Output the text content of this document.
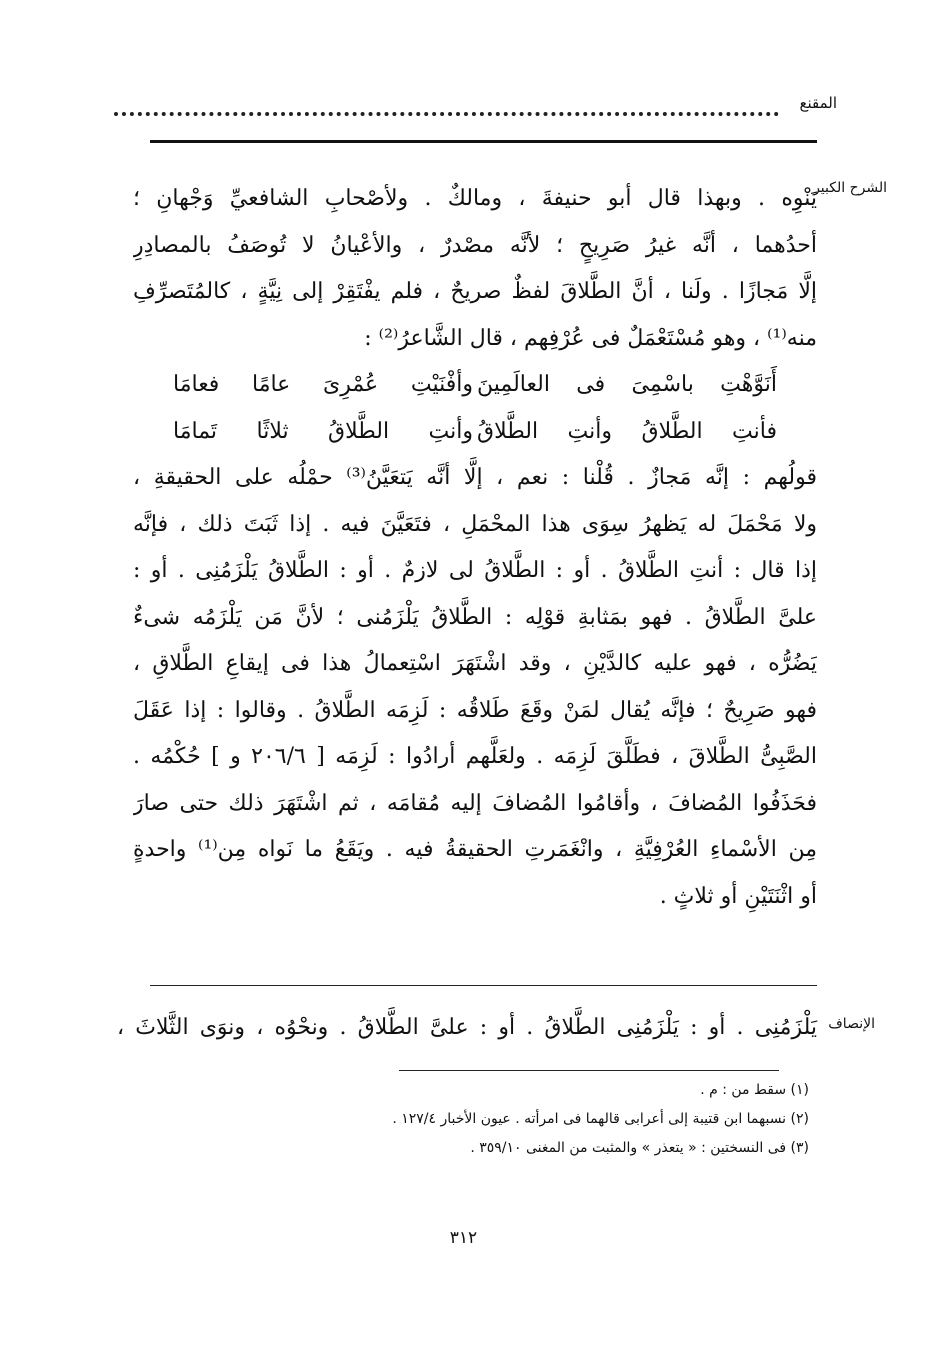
المقنع
الشرح الكبير
يَنْوِه . وبهذا قال أبو حنيفةَ ، ومالكٌ . ولأصْحابِ الشافعيِّ وَجْهانِ ؛
أحدُهما ، أنَّه غيرُ صَرِيحٍ ؛ لأنَّه مصْدرٌ ، والأعْيانُ لا تُوصَفُ بالمصادِرِ
إلَّا مَجازًا . ولَنا ، أنَّ الطَّلاقَ لفظٌ صريحٌ ، فلم يفْتَقِرْ إلى نِيَّةٍ ، كالمُتَصرِّفِ
منه⁽¹⁾ ، وهو مُسْتَعْمَلٌ فى عُرْفِهم ، قال الشَّاعرُ⁽²⁾ :
أَنَوَّهْتِ باسْمِىَ فى العالَمِينَ
وأفْنَيْتِ عُمْرِىَ عامًا فعامَا
فأنتِ الطَّلاقُ وأنتِ الطَّلاقُ
وأنتِ الطَّلاقُ ثلاثًا تَمامَا
قولُهم : إنَّه مَجازٌ . قُلْنا : نعم ، إلَّا أنَّه يَتعَيَّنُ⁽³⁾ حمْلُه على الحقيقةِ ،
ولا مَحْمَلَ له يَظهرُ سِوَى هذا المحْمَلِ ، فتَعَيَّنَ فيه . إذا ثَبَتَ ذلك ، فإنَّه
إذا قال : أنتِ الطَّلاقُ . أو : الطَّلاقُ لى لازمٌ . أو : الطَّلاقُ يَلْزَمُنِى . أو :
علىَّ الطَّلاقُ . فهو بمَثابةِ قوْلِه : الطَّلاقُ يَلْزَمُنى ؛ لأنَّ مَن يَلْزَمُه شىءٌ
يَضُرُّه ، فهو عليه كالدَّيْنِ ، وقد اشْتَهَرَ اسْتِعمالُ هذا فى إيقاعِ الطَّلاقِ ،
فهو صَرِيحٌ ؛ فإنَّه يُقال لمَنْ وقَعَ طَلاقُه : لَزِمَه الطَّلاقُ . وقالوا : إذا عَقَلَ
الصَّبِىُّ الطَّلاقَ ، فطَلَّقَ لَزِمَه . ولعَلَّهم أرادُوا : لَزِمَه [ ٢٠٦/٦ و ] حُكْمُه .
فحَذَفُوا المُضافَ ، وأقامُوا المُضافَ إليه مُقامَه ، ثم اشْتَهَرَ ذلك حتى صارَ
مِن الأسْماءِ العُرْفِيَّةِ ، وانْغَمَرتِ الحقيقةُ فيه . ويَقَعُ ما نَواه مِن⁽¹⁾ واحدةٍ
أو اثْنَتَيْنِ أو ثلاثٍ .
الإنصاف
يَلْزَمُنِى . أو : يَلْزَمُنِى الطَّلاقُ . أو : علىَّ الطَّلاقُ . ونحْوُه ، ونوَى الثَّلاثَ ،
(١) سقط من : م .
(٢) نسبهما ابن قتيبة إلى أعرابى قالهما فى امرأته . عيون الأخبار ١٢٧/٤ .
(٣) فى النسختين : « يتعذر » والمثبت من المغنى ٣٥٩/١٠ .
٣١٢
